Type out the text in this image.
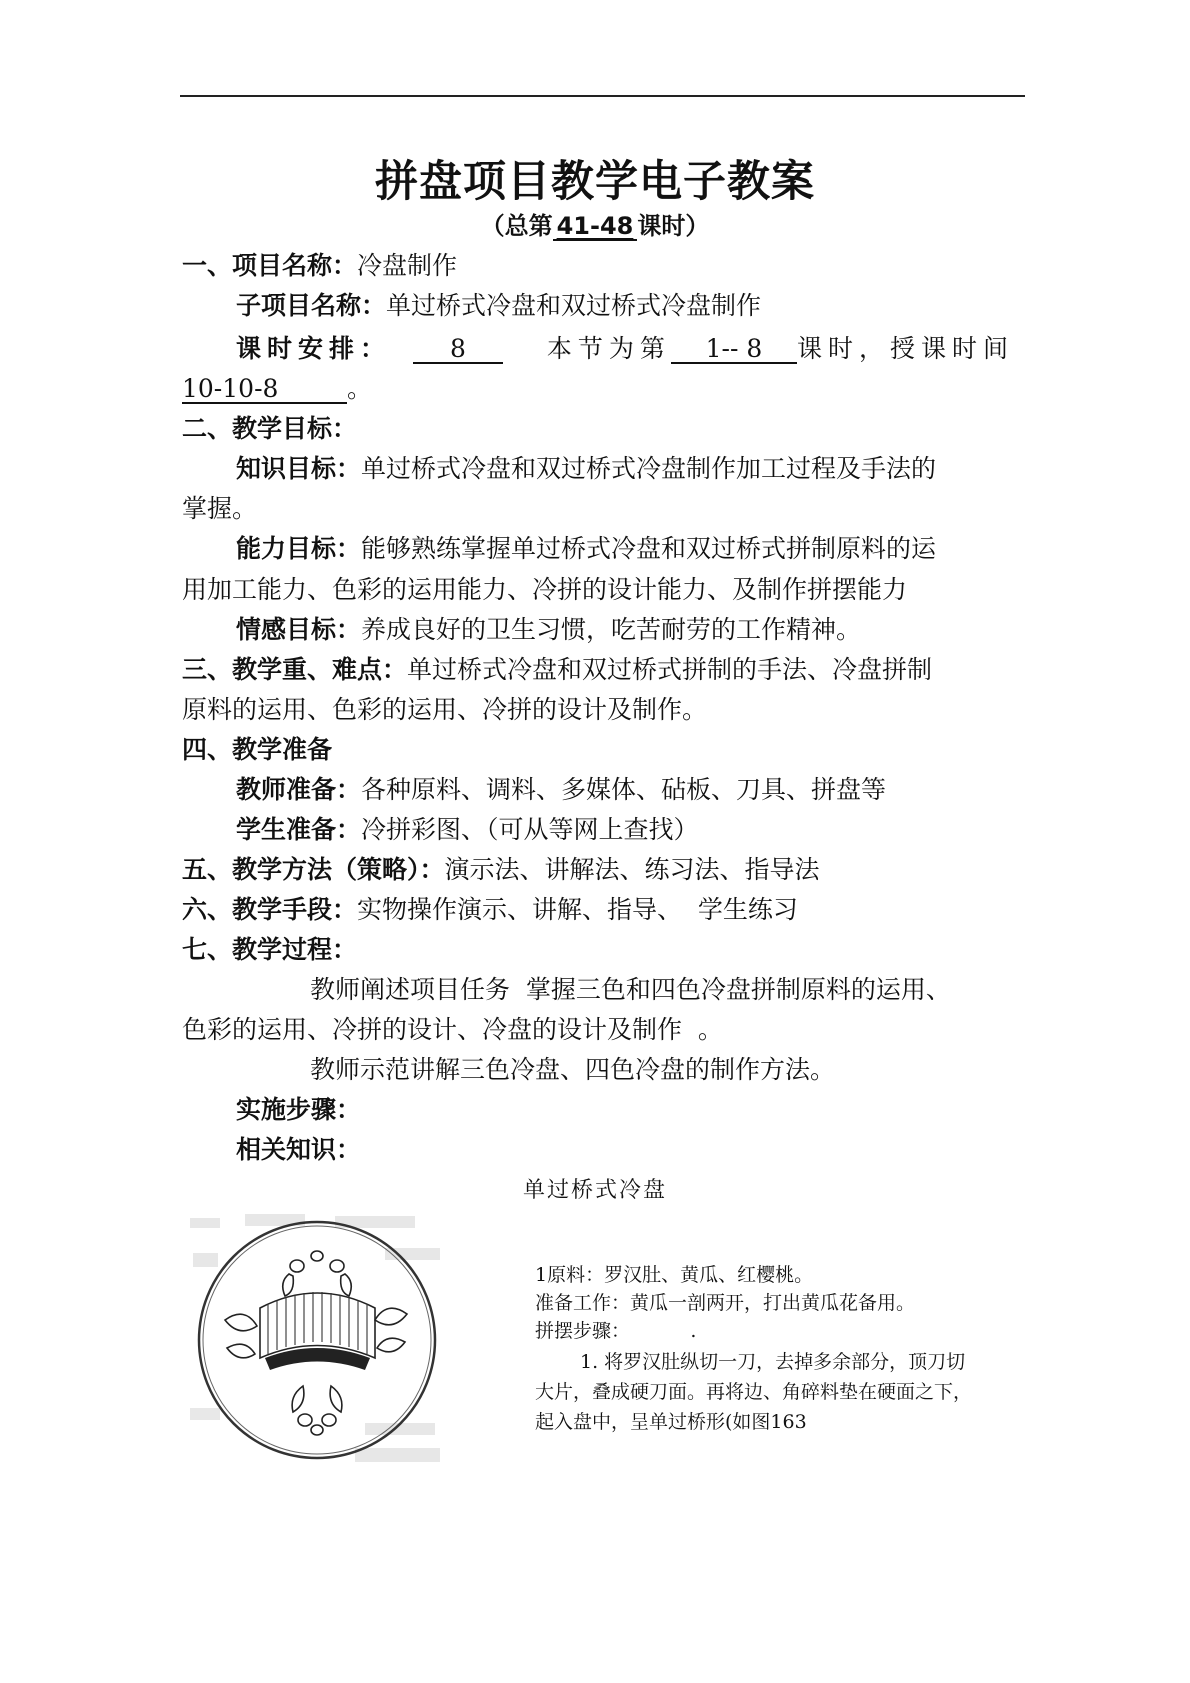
拼盘项目教学电子教案
（总第 41-48 课时）
一、项目名称：冷盘制作
子项目名称：单过桥式冷盘和双过桥式冷盘制作
课时安排： 8	本节为第 1-- 8 课时，授课时间
10-10-8	。
二、教学目标：
知识目标：单过桥式冷盘和双过桥式冷盘制作加工过程及手法的
掌握。
能力目标：能够熟练掌握单过桥式冷盘和双过桥式拼制原料的运
用加工能力、色彩的运用能力、冷拼的设计能力、及制作拼摆能力
情感目标：养成良好的卫生习惯，吃苦耐劳的工作精神。
三、教学重、难点：单过桥式冷盘和双过桥式拼制的手法、冷盘拼制
原料的运用、色彩的运用、冷拼的设计及制作。
四、教学准备
教师准备：各种原料、调料、多媒体、砧板、刀具、拼盘等
学生准备：冷拼彩图、（可从等网上查找）
五、教学方法（策略）：演示法、讲解法、练习法、指导法
六、教学手段：实物操作演示、讲解、指导、  学生练习
七、教学过程：
教师阐述项目任务  掌握三色和四色冷盘拼制原料的运用、
色彩的运用、冷拼的设计、冷盘的设计及制作  。
教师示范讲解三色冷盘、四色冷盘的制作方法。
实施步骤：
相关知识：
单过桥式冷盘
1原料：罗汉肚、黄瓜、红樱桃。
准备工作：黄瓜一剖两开，打出黄瓜花备用。
拼摆步骤：          .
1. 将罗汉肚纵切一刀，去掉多余部分，顶刀切
大片，叠成硬刀面。再将边、角碎料垫在硬面之下，
起入盘中，呈单过桥形(如图163
